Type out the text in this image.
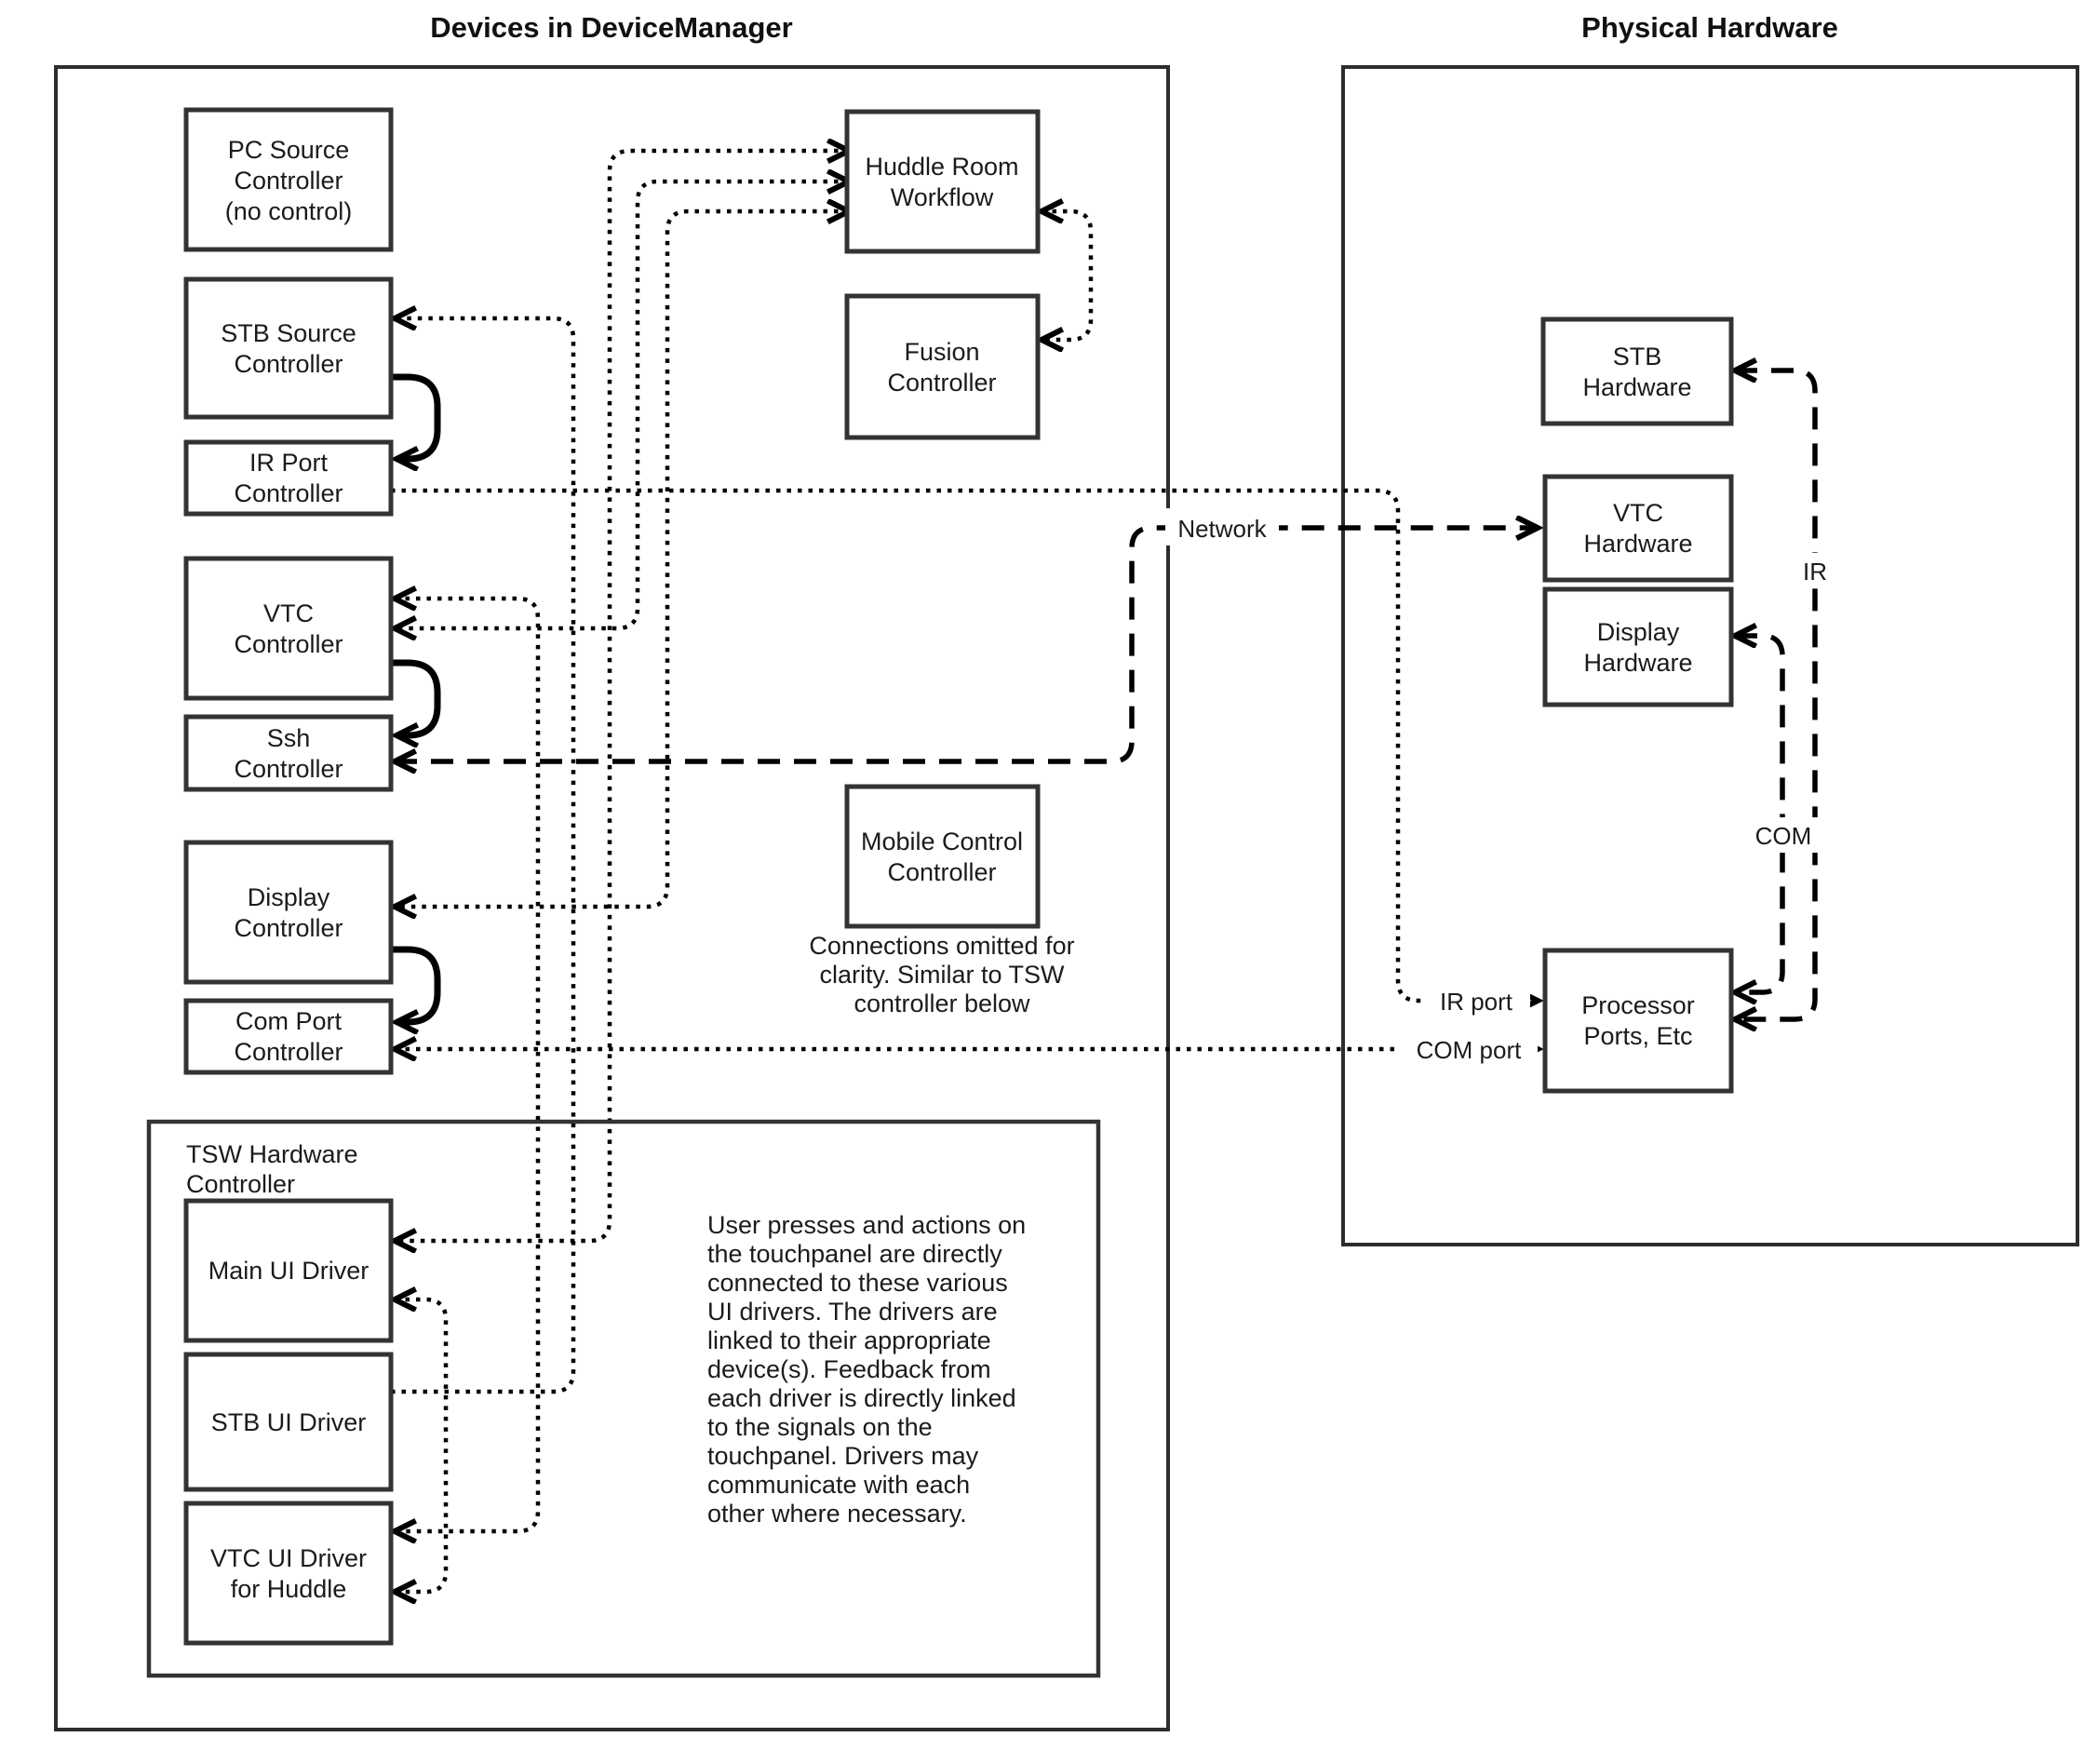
Devices in DeviceManager	Physical Hardware
Network
IR
COM
IR port
COM port
TSW Hardware
Controller
PC Source
Controller
(no control)
STB Source
Controller
IR Port
Controller
VTC
Controller
Ssh
Controller
Display
Controller
Com Port
Controller
Main UI Driver
STB UI Driver
VTC UI Driver
for Huddle
Huddle Room
Workflow
Fusion
Controller
Mobile Control
Controller
Connections omitted for
clarity. Similar to TSW
controller below
User presses and actions on
the touchpanel are directly
connected to these various
UI drivers. The drivers are
linked to their appropriate
device(s). Feedback from
each driver is directly linked
to the signals on the
touchpanel. Drivers may
communicate with each
other where necessary.
STB
Hardware
VTC
Hardware
Display
Hardware
Processor
Ports, Etc
